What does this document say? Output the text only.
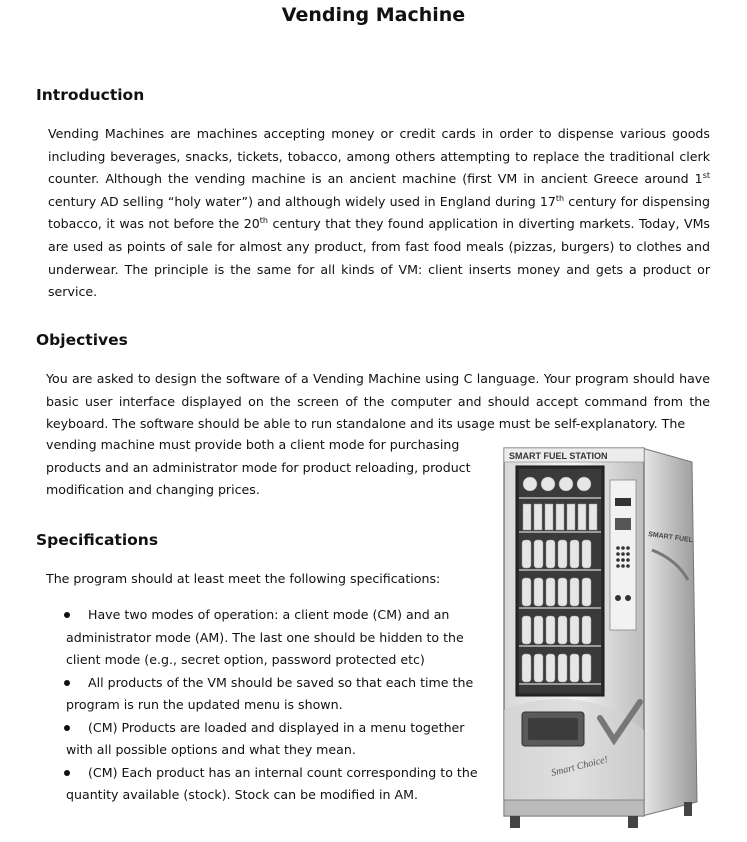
Vending Machine
Introduction

Vending Machines are machines accepting money or credit cards in order to dispense various goods including beverages, snacks, tickets, tobacco, among others attempting to replace the traditional clerk counter. Although the vending machine is an ancient machine (first VM in ancient Greece around 1st century AD selling “holy water”) and although widely used in England during 17th century for dispensing tobacco, it was not before the 20th century that they found application in diverting markets. Today, VMs are used as points of sale for almost any product, from fast food meals (pizzas, burgers) to clothes and underwear. The principle is the same for all kinds of VM: client inserts money and gets a product or service.

Objectives

You are asked to design the software of a Vending Machine using C language. Your program should have basic user interface displayed on the screen of the computer and should accept command from the keyboard. The software should be able to run standalone and its usage must be self-explanatory. The

vending machine must provide both a client mode for purchasing products and an administrator mode for product reloading, product modification and changing prices.

Specifications
The program should at least meet the following specifications:
Have two modes of operation: a client mode (CM) and an administrator mode (AM). The last one should be hidden to the client mode (e.g., secret option, password protected etc)
All products of the VM should be saved so that each time the program is run the updated menu is shown.
(CM) Products are loaded and displayed in a menu together with all possible options and what they mean.
(CM) Each product has an internal count corresponding to the quantity available (stock). Stock can be modified in AM.
SMART FUEL STATION
SMART FUEL
Smart Choice!
